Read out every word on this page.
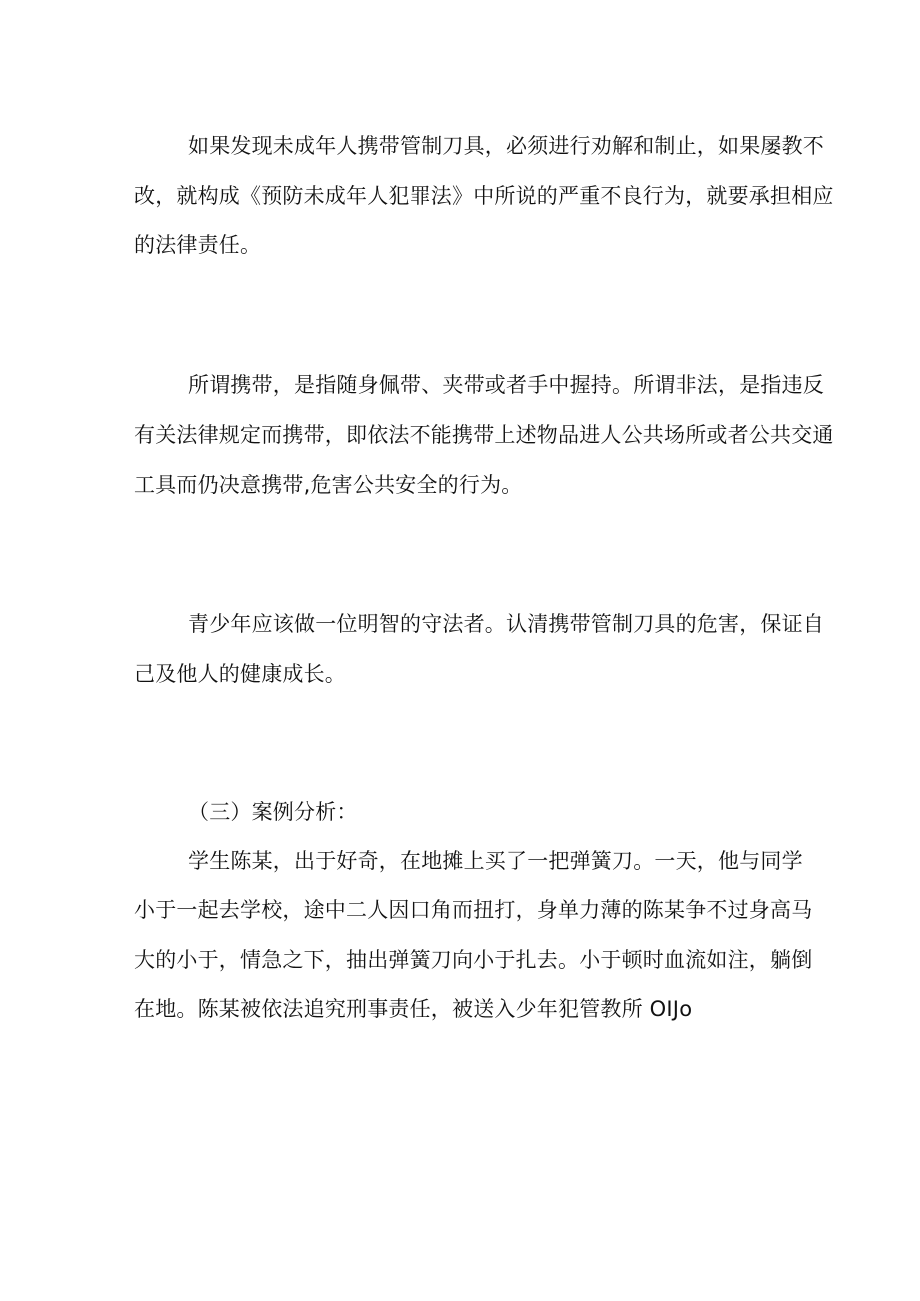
如果发现未成年人携带管制刀具，必须进行劝解和制止，如果屡教不
改，就构成《预防未成年人犯罪法》中所说的严重不良行为，就要承担相应
的法律责任。
所谓携带，是指随身佩带、夹带或者手中握持。所谓非法，是指违反
有关法律规定而携带，即依法不能携带上述物品进人公共场所或者公共交通
工具而仍决意携带,危害公共安全的行为。
青少年应该做一位明智的守法者。认清携带管制刀具的危害，保证自
己及他人的健康成长。
（三）案例分析：
学生陈某，出于好奇，在地摊上买了一把弹簧刀。一天，他与同学
小于一起去学校，途中二人因口角而扭打，身单力薄的陈某争不过身高马
大的小于，情急之下，抽出弹簧刀向小于扎去。小于顿时血流如注，躺倒
在地。陈某被依法追究刑事责任，被送入少年犯管教所 OIJo
